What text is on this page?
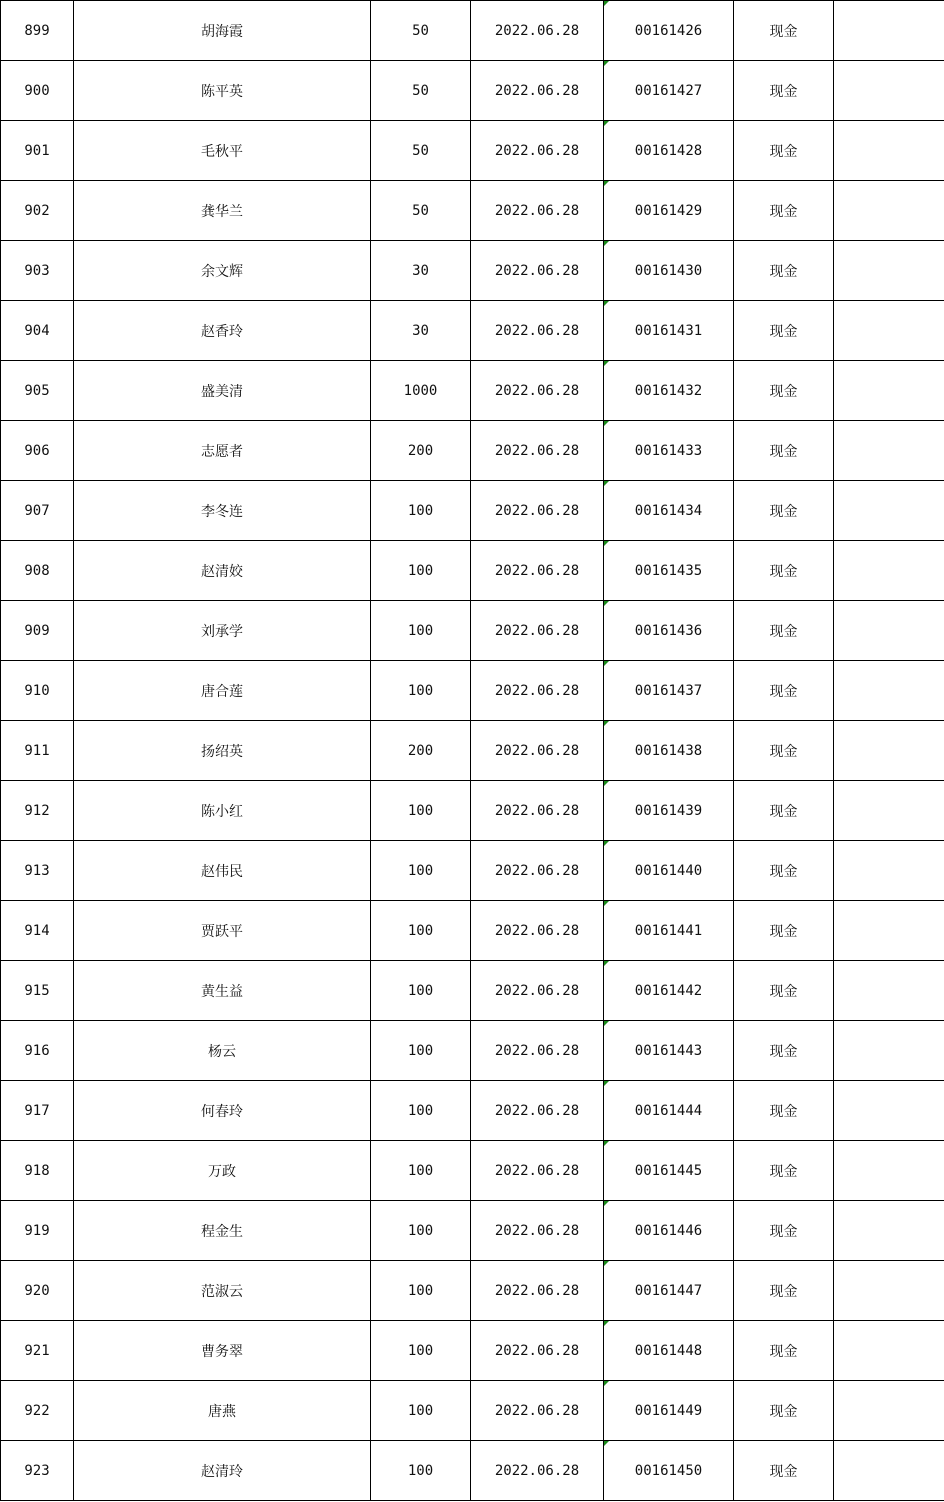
899	胡海霞	50	2022.06.28	00161426	现金	
900	陈平英	50	2022.06.28	00161427	现金	
901	毛秋平	50	2022.06.28	00161428	现金	
902	龚华兰	50	2022.06.28	00161429	现金	
903	余文辉	30	2022.06.28	00161430	现金	
904	赵香玲	30	2022.06.28	00161431	现金	
905	盛美清	1000	2022.06.28	00161432	现金	
906	志愿者	200	2022.06.28	00161433	现金	
907	李冬连	100	2022.06.28	00161434	现金	
908	赵清姣	100	2022.06.28	00161435	现金	
909	刘承学	100	2022.06.28	00161436	现金	
910	唐合莲	100	2022.06.28	00161437	现金	
911	扬绍英	200	2022.06.28	00161438	现金	
912	陈小红	100	2022.06.28	00161439	现金	
913	赵伟民	100	2022.06.28	00161440	现金	
914	贾跃平	100	2022.06.28	00161441	现金	
915	黄生益	100	2022.06.28	00161442	现金	
916	杨云	100	2022.06.28	00161443	现金	
917	何春玲	100	2022.06.28	00161444	现金	
918	万政	100	2022.06.28	00161445	现金	
919	程金生	100	2022.06.28	00161446	现金	
920	范淑云	100	2022.06.28	00161447	现金	
921	曹务翠	100	2022.06.28	00161448	现金	
922	唐燕	100	2022.06.28	00161449	现金	
923	赵清玲	100	2022.06.28	00161450	现金	
